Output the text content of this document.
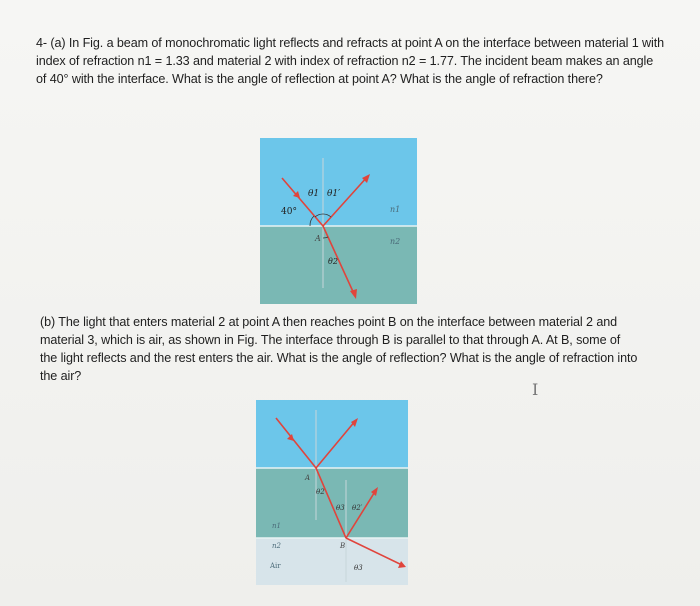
4- (a) In Fig. a beam of monochromatic light reflects and refracts at point A on the interface between material 1 with index of refraction n1 = 1.33 and material 2 with index of refraction n2 = 1.77. The incident beam makes an angle of 40° with the interface. What is the angle of reflection at point A? What is the angle of refraction there?
40°
θ1 θ1′
θ2
A
n1
n2
(b) The light that enters material 2 at point A then reaches point B on the interface between material 2 and material 3, which is air, as shown in Fig. The interface through B is parallel to that through A. At B, some of the light reflects and the rest enters the air. What is the angle of reflection? What is the angle of refraction into the air?
I
A
B
θ2
θ3 θ2′
θ3
n1
n2
Air
